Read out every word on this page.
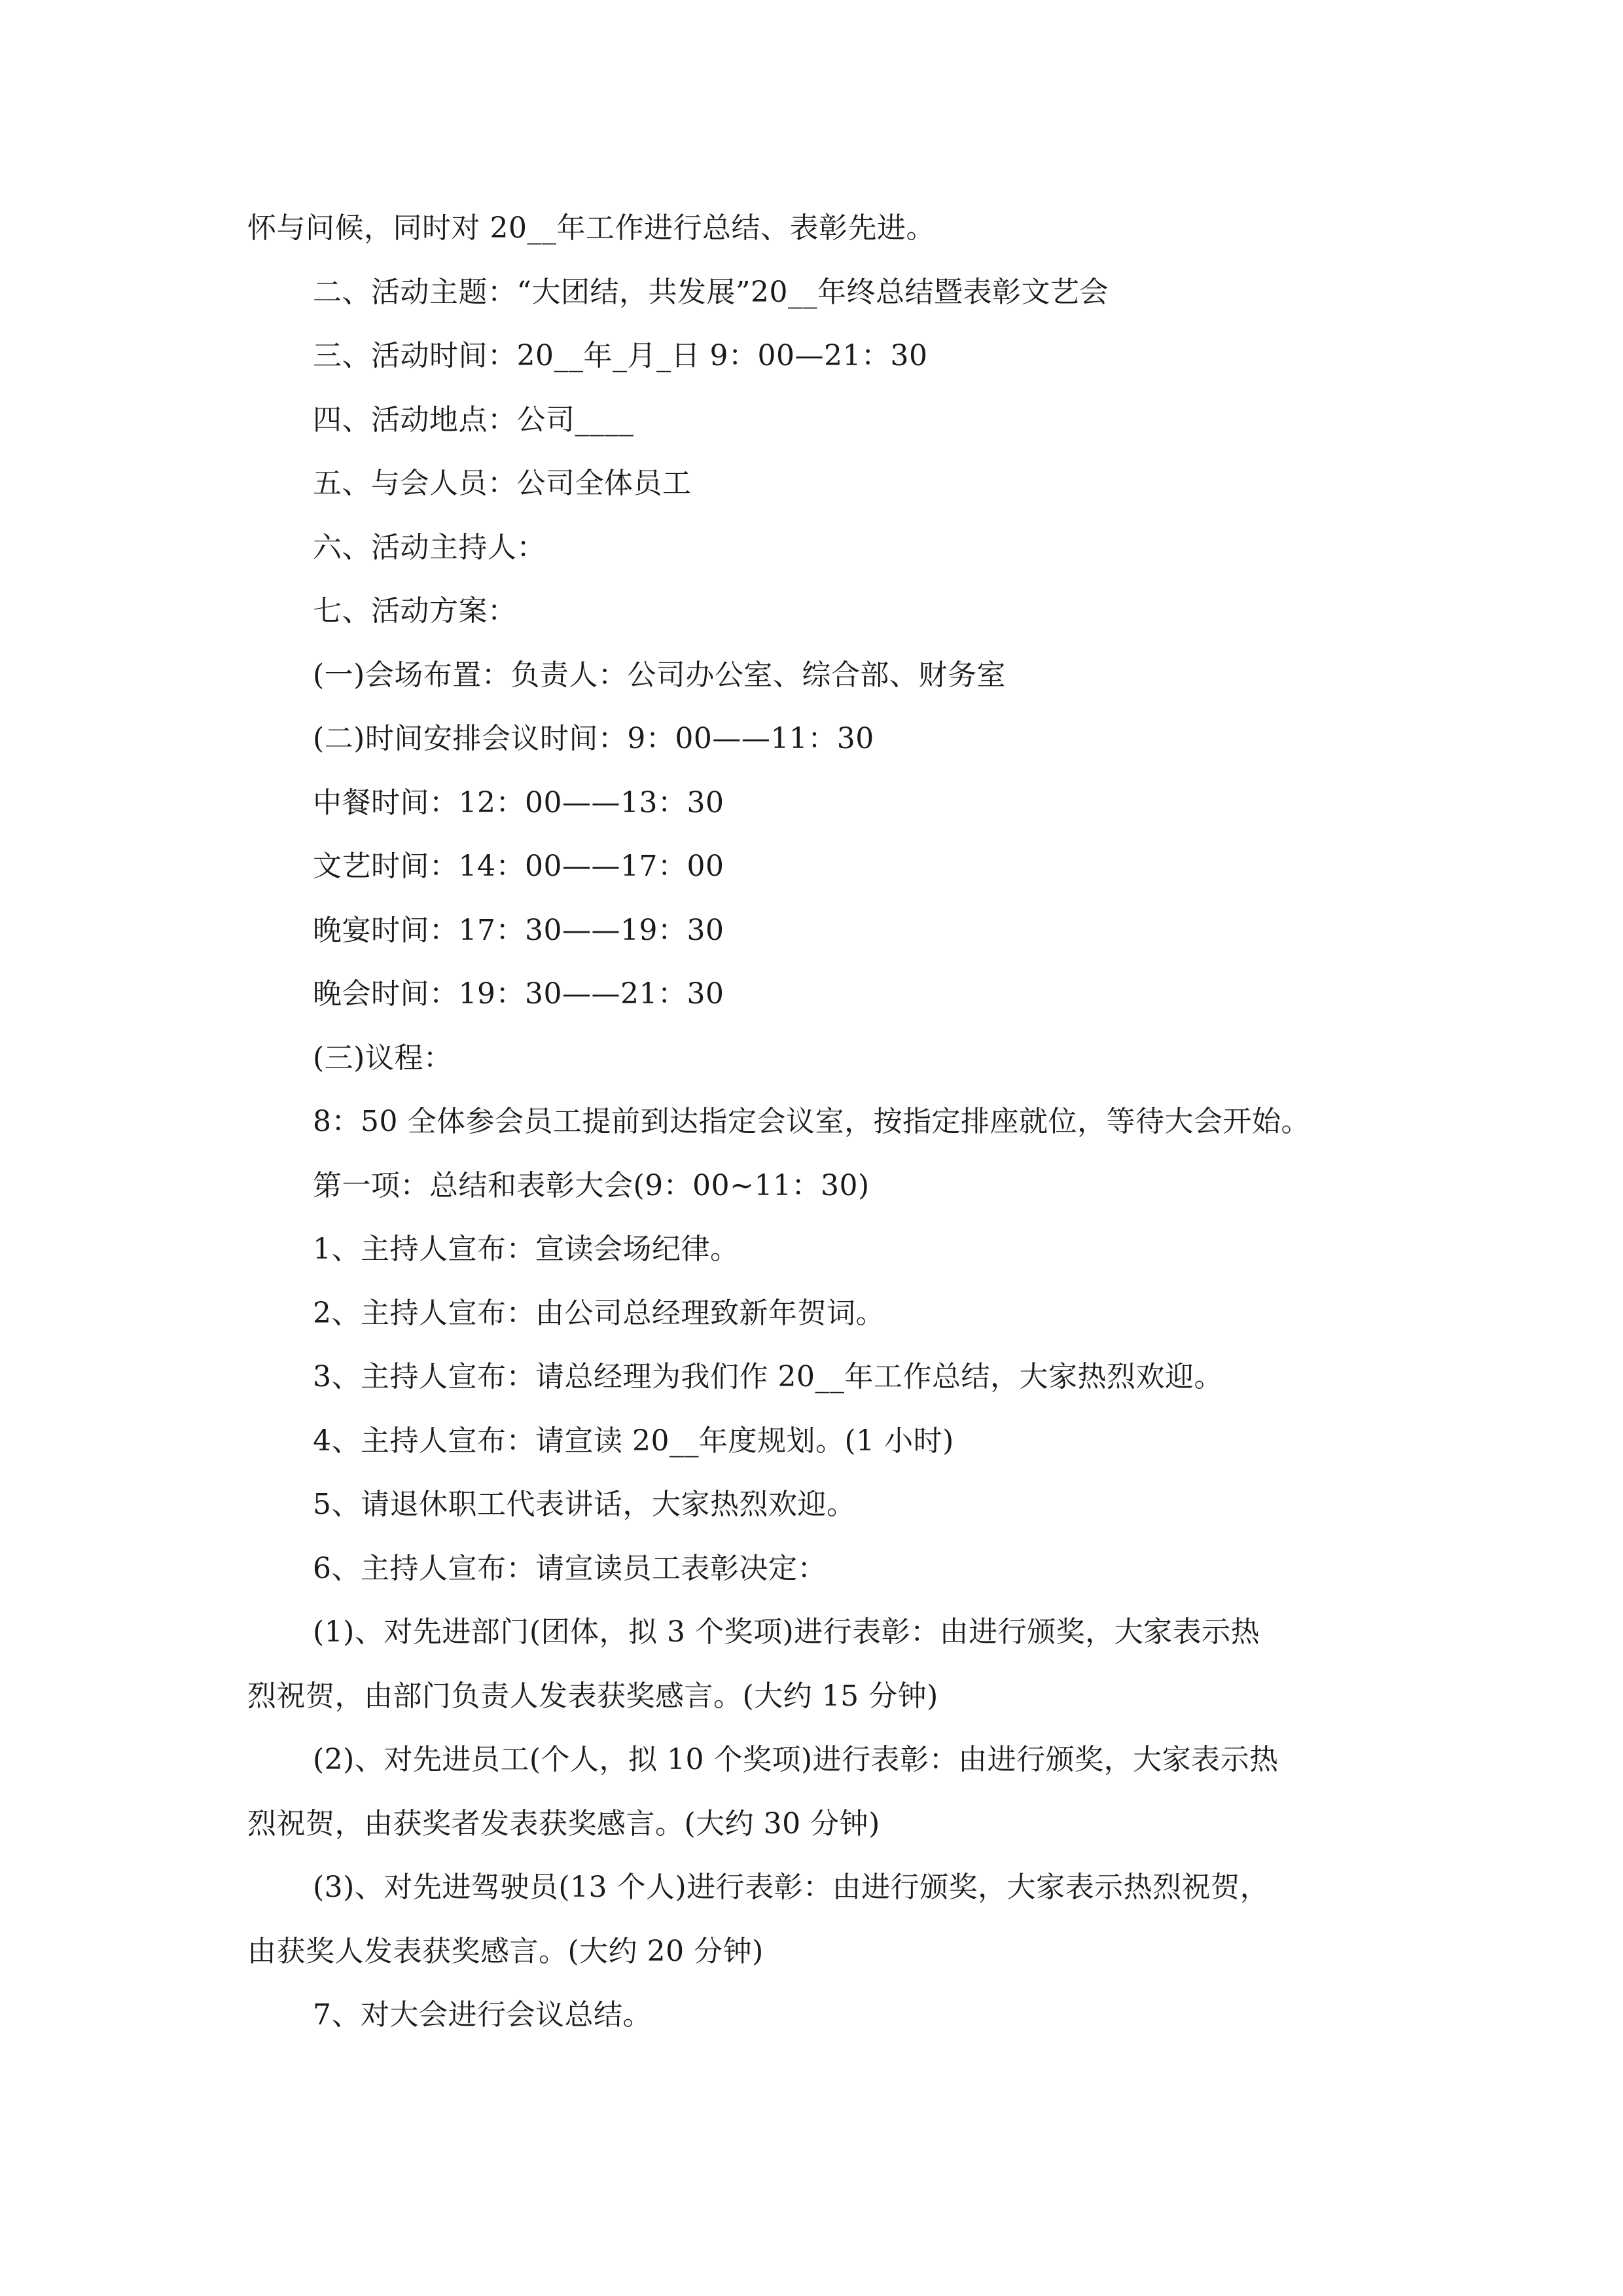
怀与问候，同时对 20__年工作进行总结、表彰先进。
二、活动主题：“大团结，共发展”20__年终总结暨表彰文艺会
三、活动时间：20__年_月_日 9：00—21：30
四、活动地点：公司____
五、与会人员：公司全体员工
六、活动主持人：
七、活动方案：
(一)会场布置：负责人：公司办公室、综合部、财务室
(二)时间安排会议时间：9：00——11：30
中餐时间：12：00——13：30
文艺时间：14：00——17：00
晚宴时间：17：30——19：30
晚会时间：19：30——21：30
(三)议程：
8：50 全体参会员工提前到达指定会议室，按指定排座就位，等待大会开始。
第一项：总结和表彰大会(9：00~11：30)
1、主持人宣布：宣读会场纪律。
2、主持人宣布：由公司总经理致新年贺词。
3、主持人宣布：请总经理为我们作 20__年工作总结，大家热烈欢迎。
4、主持人宣布：请宣读 20__年度规划。(1 小时)
5、请退休职工代表讲话，大家热烈欢迎。
6、主持人宣布：请宣读员工表彰决定：
(1)、对先进部门(团体，拟 3 个奖项)进行表彰：由进行颁奖，大家表示热
烈祝贺，由部门负责人发表获奖感言。(大约 15 分钟)
(2)、对先进员工(个人，拟 10 个奖项)进行表彰：由进行颁奖，大家表示热
烈祝贺，由获奖者发表获奖感言。(大约 30 分钟)
(3)、对先进驾驶员(13 个人)进行表彰：由进行颁奖，大家表示热烈祝贺，
由获奖人发表获奖感言。(大约 20 分钟)
7、对大会进行会议总结。
